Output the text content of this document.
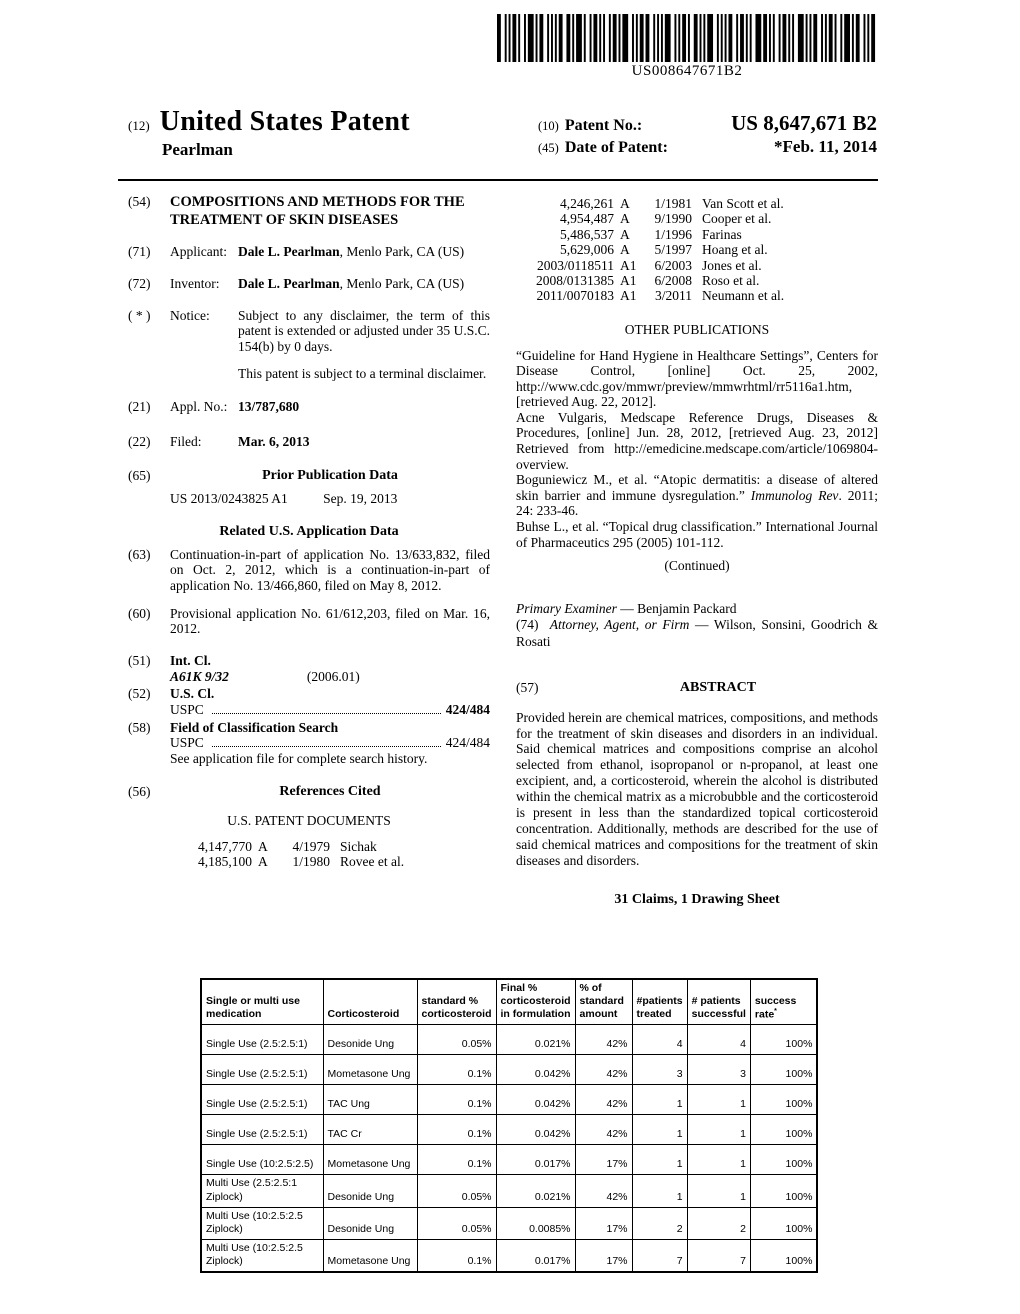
US008647671B2
(12) United States Patent
Pearlman
(10) Patent No.:	US 8,647,671 B2
(45) Date of Patent:	*Feb. 11, 2014
(54)	COMPOSITIONS AND METHODS FOR THE TREATMENT OF SKIN DISEASES
(71)	Applicant: Dale L. Pearlman, Menlo Park, CA (US)
(72)	Inventor:	Dale L. Pearlman, Menlo Park, CA (US)
( * )	Notice:	Subject to any disclaimer, the term of this patent is extended or adjusted under 35 U.S.C. 154(b) by 0 days.
This patent is subject to a terminal disclaimer.
(21)	Appl. No.: 13/787,680
(22)	Filed:	Mar. 6, 2013
(65)	Prior Publication Data
US 2013/0243825 A1	Sep. 19, 2013
Related U.S. Application Data
(63)	Continuation-in-part of application No. 13/633,832, filed on Oct. 2, 2012, which is a continuation-in-part of application No. 13/466,860, filed on May 8, 2012.
(60)	Provisional application No. 61/612,203, filed on Mar. 16, 2012.
(51)	Int. Cl.
A61K 9/32	(2006.01)
(52)	U.S. Cl.
USPC	424/484
(58)	Field of Classification Search
USPC	424/484
See application file for complete search history.
(56)	References Cited
U.S. PATENT DOCUMENTS
4,147,770 A	4/1979 Sichak
4,185,100 A	1/1980 Rovee et al.
4,246,261 A	1/1981 Van Scott et al.
4,954,487 A	9/1990 Cooper et al.
5,486,537 A	1/1996 Farinas
5,629,006 A	5/1997 Hoang et al.
2003/0118511 A1	6/2003 Jones et al.
2008/0131385 A1	6/2008 Roso et al.
2011/0070183 A1	3/2011 Neumann et al.
OTHER PUBLICATIONS

“Guideline for Hand Hygiene in Healthcare Settings”, Centers for Disease Control, [online] Oct. 25, 2002, http://www.cdc.gov/mmwr/preview/mmwrhtml/rr5116a1.htm, [retrieved Aug. 22, 2012].

Acne Vulgaris, Medscape Reference Drugs, Diseases & Procedures, [online] Jun. 28, 2012, [retrieved Aug. 23, 2012] Retrieved from http://emedicine.medscape.com/article/1069804-overview.

Boguniewicz M., et al. “Atopic dermatitis: a disease of altered skin barrier and immune dysregulation.” Immunolog Rev. 2011; 24: 233-46.

Buhse L., et al. “Topical drug classification.” International Journal of Pharmaceutics 295 (2005) 101-112.

(Continued)
Primary Examiner — Benjamin Packard
(74) Attorney, Agent, or Firm — Wilson, Sonsini, Goodrich & Rosati
(57)	ABSTRACT
Provided herein are chemical matrices, compositions, and methods for the treatment of skin diseases and disorders in an individual. Said chemical matrices and compositions comprise an alcohol selected from ethanol, isopropanol or n-propanol, at least one excipient, and, a corticosteroid, wherein the alcohol is distributed within the chemical matrix as a microbubble and the corticosteroid is present in less than the standardized topical corticosteroid concentration. Additionally, methods are described for the use of said chemical matrices and compositions for the treatment of skin diseases and disorders.
31 Claims, 1 Drawing Sheet
Single or multi use medication	Corticosteroid	standard % corticosteroid	Final % corticosteroid in formulation	% of standard amount	#patients treated	# patients successful	success rate*
Single Use (2.5:2.5:1)	Desonide Ung	0.05%	0.021%	42%	4	4	100%
Single Use (2.5:2.5:1)	Mometasone Ung	0.1%	0.042%	42%	3	3	100%
Single Use (2.5:2.5:1)	TAC Ung	0.1%	0.042%	42%	1	1	100%
Single Use (2.5:2.5:1)	TAC Cr	0.1%	0.042%	42%	1	1	100%
Single Use (10:2.5:2.5)	Mometasone Ung	0.1%	0.017%	17%	1	1	100%
Multi Use (2.5:2.5:1 Ziplock)	Desonide Ung	0.05%	0.021%	42%	1	1	100%
Multi Use (10:2.5:2.5 Ziplock)	Desonide Ung	0.05%	0.0085%	17%	2	2	100%
Multi Use (10:2.5:2.5 Ziplock)	Mometasone Ung	0.1%	0.017%	17%	7	7	100%
